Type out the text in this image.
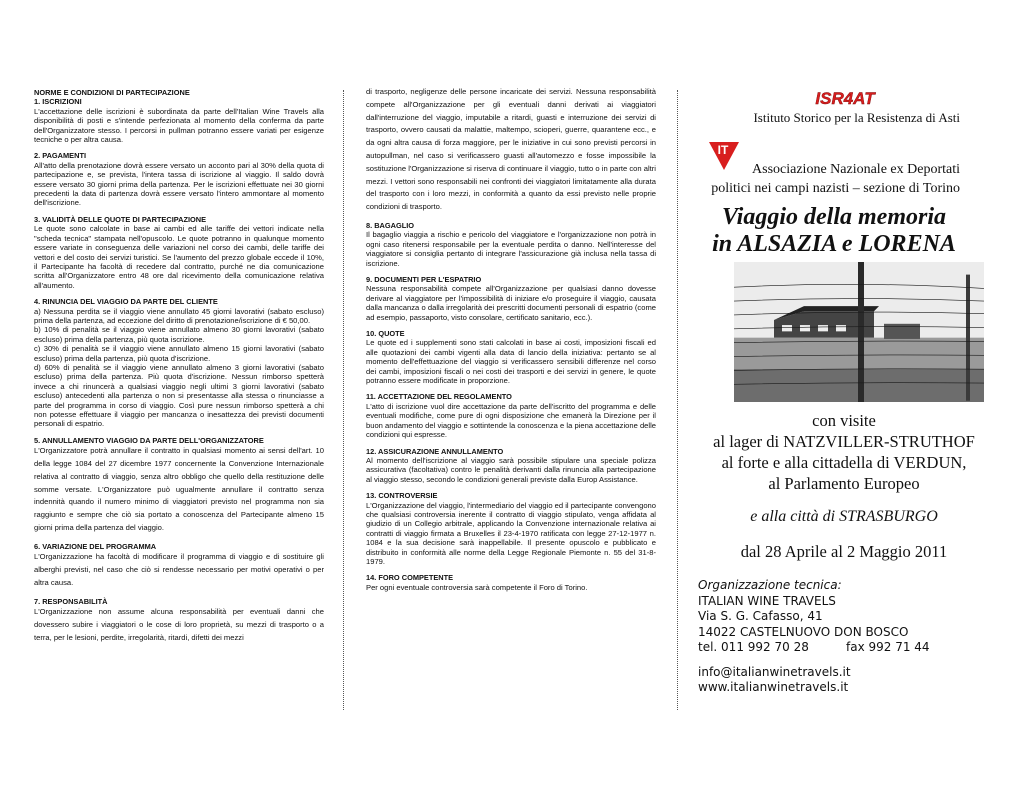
NORME E CONDIZIONI DI PARTECIPAZIONE
1. ISCRIZIONI

L'accettazione delle iscrizioni è subordinata da parte dell'Italian Wine Travels alla disponibilità di posti e s'intende perfezionata al momento della conferma da parte dell'Organizzatore stesso. I percorsi in pullman potranno essere variati per esigenze tecniche o per altra causa.

2. PAGAMENTI

All'atto della prenotazione dovrà essere versato un acconto pari al 30% della quota di partecipazione e, se prevista, l'intera tassa di iscrizione al viaggio. Il saldo dovrà essere versato 30 giorni prima della partenza. Per le iscrizioni effettuate nei 30 giorni precedenti la data di partenza dovrà essere versato l'intero ammontare al momento dell'iscrizione.

3. VALIDITÀ DELLE QUOTE DI PARTECIPAZIONE

Le quote sono calcolate in base ai cambi ed alle tariffe dei vettori indicate nella "scheda tecnica" stampata nell'opuscolo. Le quote potranno in qualunque momento essere variate in conseguenza delle variazioni nel corso dei cambi, delle tariffe dei vettori e del costo dei servizi turistici. Se l'aumento del prezzo globale eccede il 10%, il Partecipante ha facoltà di recedere dal contratto, purché ne dia comunicazione scritta all'Organizzatore entro 48 ore dal ricevimento della comunicazione relativa all'aumento.

4. RINUNCIA DEL VIAGGIO DA PARTE DEL CLIENTE

a) Nessuna perdita se il viaggio viene annullato 45 giorni lavorativi (sabato escluso) prima della partenza, ad eccezione del diritto di prenotazione/iscrizione di € 50,00.

b) 10% di penalità se il viaggio viene annullato almeno 30 giorni lavorativi (sabato escluso) prima della partenza, più quota iscrizione.

c) 30% di penalità se il viaggio viene annullato almeno 15 giorni lavorativi (sabato escluso) prima della partenza, più quota d'iscrizione.

d) 60% di penalità se il viaggio viene annullato almeno 3 giorni lavorativi (sabato escluso) prima della partenza. Più quota d'iscrizione. Nessun rimborso spetterà invece a chi rinuncerà a qualsiasi viaggio negli ultimi 3 giorni lavorativi (sabato escluso) antecedenti alla partenza o non si presentasse alla stessa o rinunciasse a parte del programma in corso di viaggio. Così pure nessun rimborso spetterà a chi non potesse effettuare il viaggio per mancanza o inesattezza dei previsti documenti personali di espatrio.

5. ANNULLAMENTO VIAGGIO DA PARTE DELL'ORGANIZZATORE

L'Organizzatore potrà annullare il contratto in qualsiasi momento ai sensi dell'art. 10 della legge 1084 del 27 dicembre 1977 concernente la Convenzione Internazionale relativa al contratto di viaggio, senza altro obbligo che quello della restituzione delle somme versate. L'Organizzatore può ugualmente annullare il contratto senza indennità quando il numero minimo di viaggiatori previsto nel programma non sia raggiunto e sempre che ciò sia portato a conoscenza del Partecipante almeno 15 giorni prima della partenza del viaggio.

6. VARIAZIONE DEL PROGRAMMA

L'Organizzazione ha facoltà di modificare il programma di viaggio e di sostituire gli alberghi previsti, nel caso che ciò si rendesse necessario per motivi operativi o per altra causa.

7. RESPONSABILITÀ

L'Organizzazione non assume alcuna responsabilità per eventuali danni che dovessero subire i viaggiatori o le cose di loro proprietà, su mezzi di trasporto o a terra, per le lesioni, perdite, irregolarità, ritardi, difetti dei mezzi

di trasporto, negligenze delle persone incaricate dei servizi. Nessuna responsabilità compete all'Organizzazione per gli eventuali danni derivati ai viaggiatori dall'interruzione del viaggio, imputabile a ritardi, guasti e interruzione dei servizi di trasporto, ovvero causati da malattie, maltempo, scioperi, guerre, quarantene ecc., e da ogni altra causa di forza maggiore, per le iniziative in cui sono previsti percorsi in autopullman, nel caso si verificassero guasti all'automezzo e fosse impossibile la sostituzione l'Organizzazione si riserva di continuare il viaggio, tutto o in parte con altri mezzi. I vettori sono responsabili nei confronti dei viaggiatori limitatamente alla durata del trasporto con i loro mezzi, in conformità a quanto da essi previsto nelle proprie condizioni di trasporto.

8. BAGAGLIO

Il bagaglio viaggia a rischio e pericolo del viaggiatore e l'organizzazione non potrà in ogni caso ritenersi responsabile per la eventuale perdita o danno. Nell'interesse del viaggiatore si consiglia pertanto di integrare l'assicurazione già inclusa nella tassa di iscrizione.

9. DOCUMENTI PER L'ESPATRIO

Nessuna responsabilità compete all'Organizzazione per qualsiasi danno dovesse derivare al viaggiatore per l'impossibilità di iniziare e/o proseguire il viaggio, causata dalla mancanza o dalla irregolarità dei prescritti documenti personali di espatrio (come ad esempio, passaporto, visto consolare, certificato sanitario, ecc.).

10. QUOTE

Le quote ed i supplementi sono stati calcolati in base ai costi, imposizioni fiscali ed alle quotazioni dei cambi vigenti alla data di lancio della iniziativa: pertanto se al momento dell'effettuazione del viaggio si verificassero sensibili differenze nel corso dei cambi, imposizioni fiscali o nei costi dei trasporti e dei servizi in genere, le quote potranno essere modificate in proporzione.

11. ACCETTAZIONE DEL REGOLAMENTO

L'atto di iscrizione vuol dire accettazione da parte dell'iscritto del programma e delle eventuali modifiche, come pure di ogni disposizione che emanerà la Direzione per il buon andamento del viaggio e sottintende la conoscenza e la piena accettazione delle condizioni qui espresse.

12. ASSICURAZIONE ANNULLAMENTO

Al momento dell'iscrizione al viaggio sarà possibile stipulare una speciale polizza assicurativa (facoltativa) contro le penalità derivanti dalla rinuncia alla partecipazione al viaggio stesso, secondo le condizioni generali previste dalla Europ Assistance.

13. CONTROVERSIE

L'Organizzazione del viaggio, l'intermediario del viaggio ed il partecipante convengono che qualsiasi controversia inerente il contratto di viaggio stipulato, venga affidata al giudizio di un Collegio arbitrale, applicando la Convenzione internazionale relativa ai contratti di viaggio firmata a Bruxelles il 23-4-1970 ratificata con legge 27-12-1977 n. 1084 e la sua decisione sarà inappellabile. Il presente opuscolo e pubblicato e distribuito in conformità alle norme della Legge Regionale Piemonte n. 55 del 31-8-1979.

14. FORO COMPETENTE

Per ogni eventuale controversia sarà competente il Foro di Torino.

ISR4AT
Istituto Storico per la Resistenza di Asti
IT
Associazione Nazionale ex Deportati
politici nei campi nazisti – sezione di Torino
Viaggio della memoria
in ALSAZIA e LORENA
con visite
al lager di NATZVILLER-STRUTHOF
al forte e alla cittadella di VERDUN,
al Parlamento Europeo
e alla città di STRASBURGO
dal 28 Aprile al 2 Maggio 2011
Organizzazione tecnica:
ITALIAN WINE TRAVELS
Via S. G. Cafasso, 41
14022 CASTELNUOVO DON BOSCO
tel. 011 992 70 28	fax 992 71 44
info@italianwinetravels.it
www.italianwinetravels.it
